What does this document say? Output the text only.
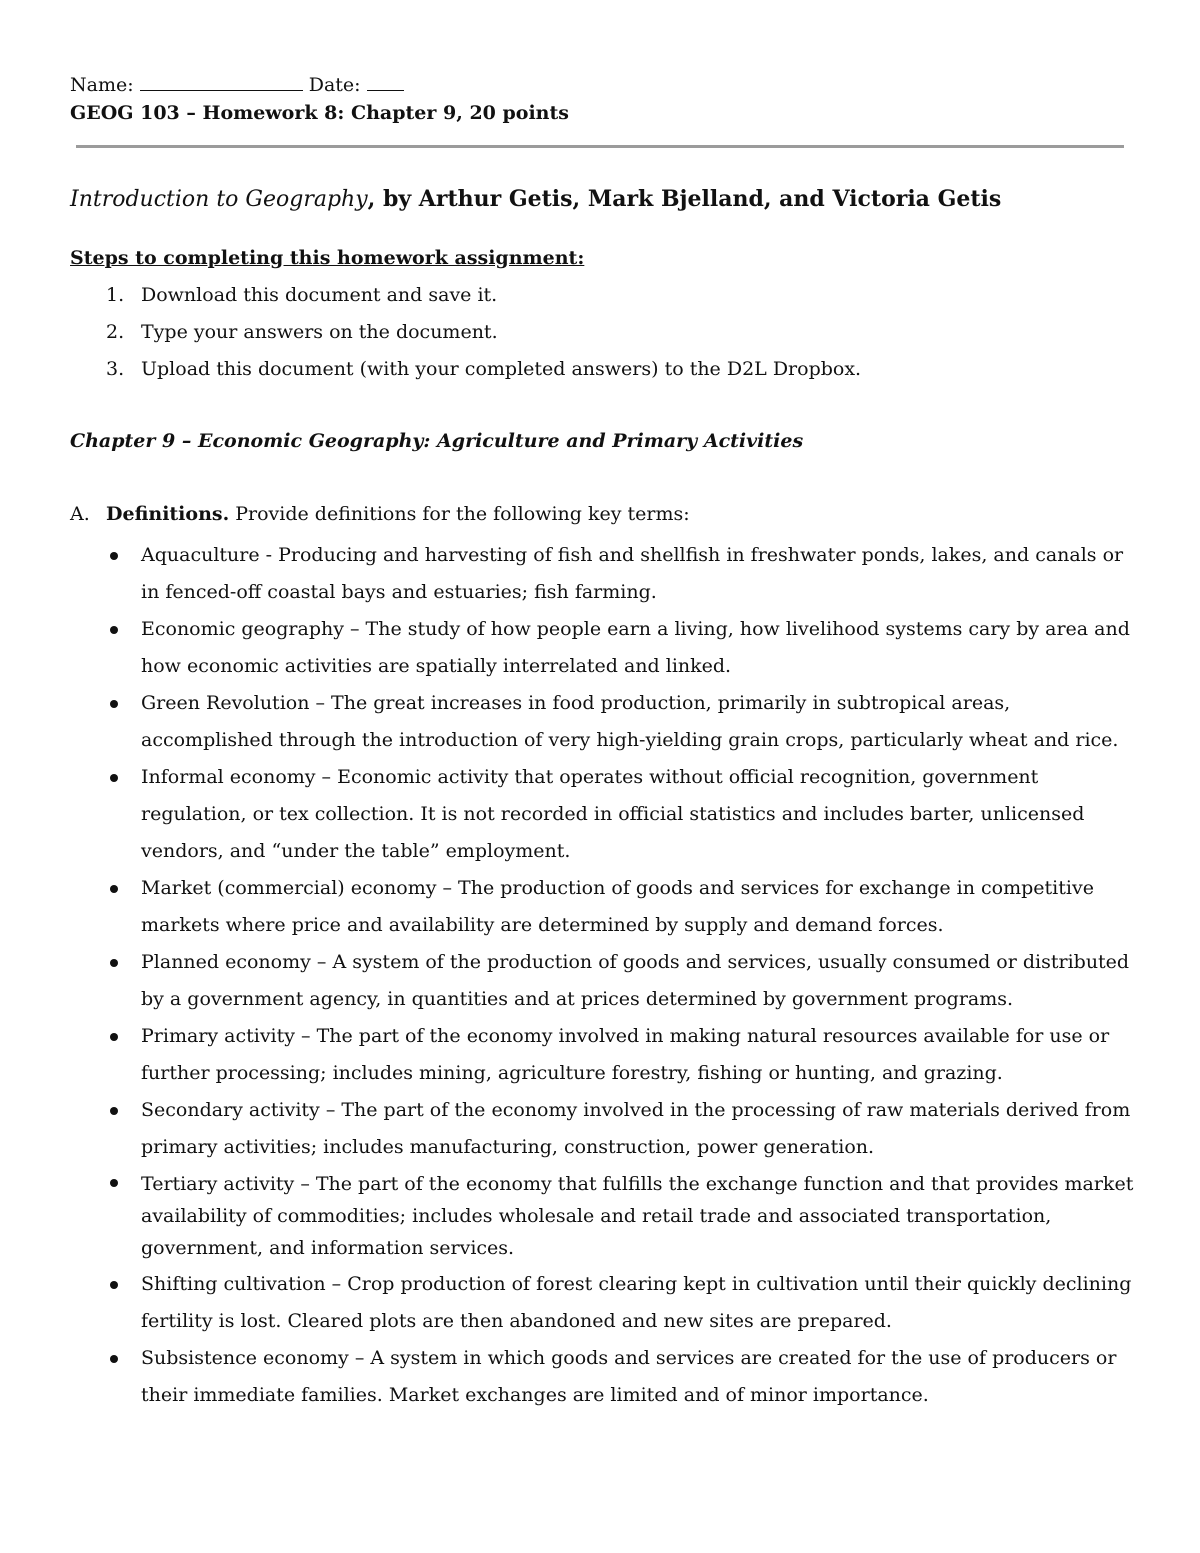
Name:	Date:
GEOG 103 – Homework 8: Chapter 9, 20 points
Introduction to Geography, by Arthur Getis, Mark Bjelland, and Victoria Getis
Steps to completing this homework assignment:
1. Download this document and save it.
2. Type your answers on the document.
3. Upload this document (with your completed answers) to the D2L Dropbox.
Chapter 9 – Economic Geography: Agriculture and Primary Activities
A. Definitions. Provide definitions for the following key terms:
Aquaculture - Producing and harvesting of fish and shellfish in freshwater ponds, lakes, and canals or in fenced-off coastal bays and estuaries; fish farming.
Economic geography – The study of how people earn a living, how livelihood systems cary by area and how economic activities are spatially interrelated and linked.
Green Revolution – The great increases in food production, primarily in subtropical areas, accomplished through the introduction of very high-yielding grain crops, particularly wheat and rice.
Informal economy – Economic activity that operates without official recognition, government regulation, or tex collection. It is not recorded in official statistics and includes barter, unlicensed vendors, and “under the table” employment.
Market (commercial) economy – The production of goods and services for exchange in competitive markets where price and availability are determined by supply and demand forces.
Planned economy – A system of the production of goods and services, usually consumed or distributed by a government agency, in quantities and at prices determined by government programs.
Primary activity – The part of the economy involved in making natural resources available for use or further processing; includes mining, agriculture forestry, fishing or hunting, and grazing.
Secondary activity – The part of the economy involved in the processing of raw materials derived from primary activities; includes manufacturing, construction, power generation.
Tertiary activity – The part of the economy that fulfills the exchange function and that provides market availability of commodities; includes wholesale and retail trade and associated transportation, government, and information services.
Shifting cultivation – Crop production of forest clearing kept in cultivation until their quickly declining fertility is lost. Cleared plots are then abandoned and new sites are prepared.
Subsistence economy – A system in which goods and services are created for the use of producers or their immediate families. Market exchanges are limited and of minor importance.
